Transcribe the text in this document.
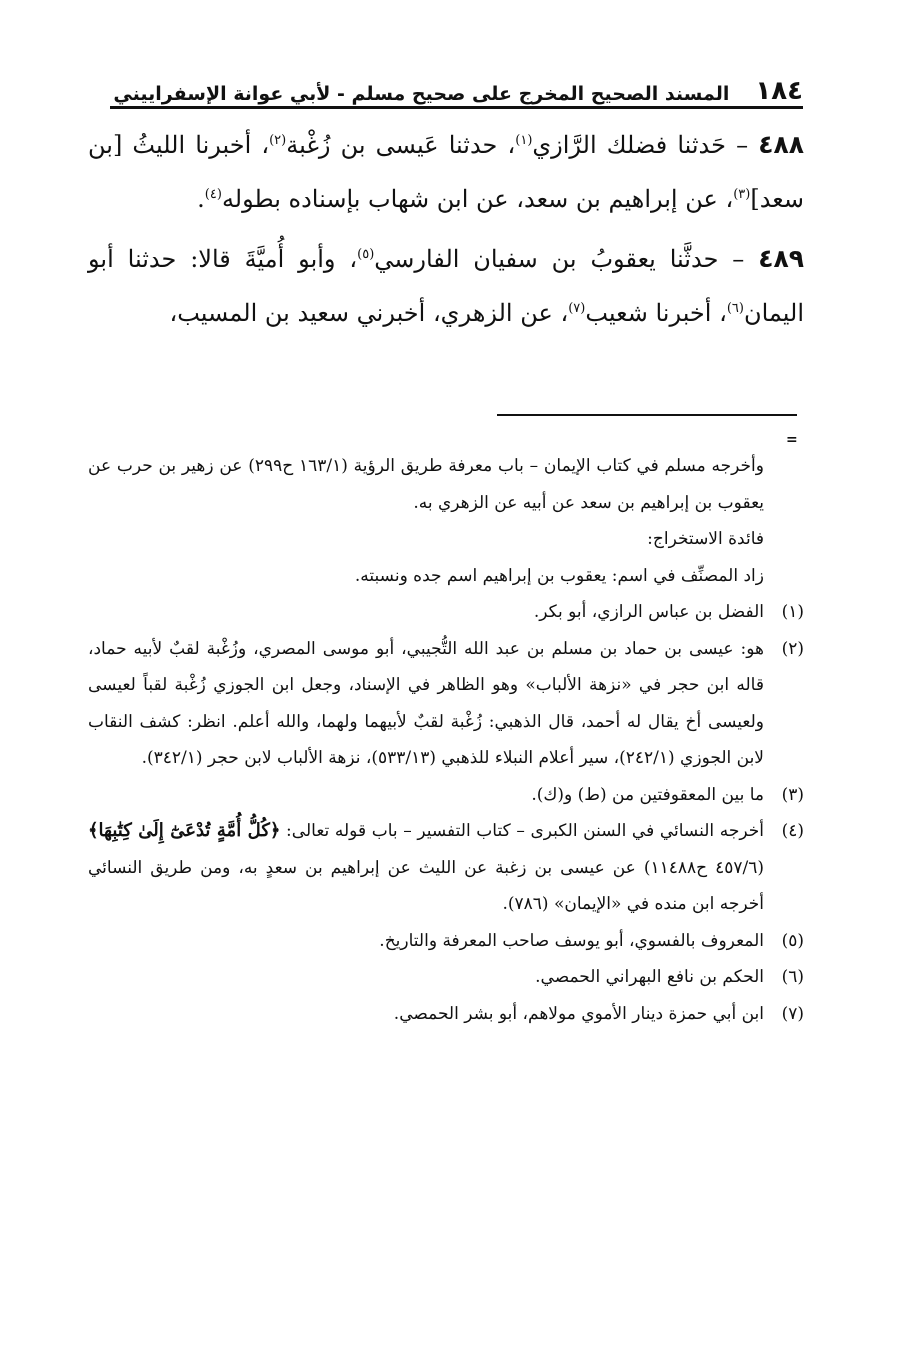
١٨٤
المسند الصحيح المخرج على صحيح مسلم - لأبي عوانة الإسفراييني

٤٨٨ – حَدثنا فضلك الرَّازي$^{(١)}$، حدثنا عَيسى بن زُغْبة$^{(٢)}$، أخبرنا الليثُ [بن سعد]$^{(٣)}$، عن إبراهيم بن سعد، عن ابن شهاب بإسناده بطوله$^{(٤)}$.

٤٨٩ – حدثَّنا يعقوبُ بن سفيان الفارسي$^{(٥)}$، وأبو أُميَّةَ قالا: حدثنا أبو اليمان$^{(٦)}$، أخبرنا شعيب$^{(٧)}$، عن الزهري، أخبرني سعيد بن المسيب،

=

وأخرجه مسلم في كتاب الإيمان – باب معرفة طريق الرؤية (١٦٣/١ ح٢٩٩) عن زهير بن حرب عن يعقوب بن إبراهيم بن سعد عن أبيه عن الزهري به.

فائدة الاستخراج:

زاد المصنِّف في اسم: يعقوب بن إبراهيم اسم جده ونسبته.

(١)الفضل بن عباس الرازي، أبو بكر.

(٢)هو: عيسى بن حماد بن مسلم بن عبد الله التُّجيبي، أبو موسى المصري، وزُغْبة لقبٌ لأبيه حماد، قاله ابن حجر في «نزهة الألباب» وهو الظاهر في الإسناد، وجعل ابن الجوزي زُغْبة لقباً لعيسى ولعيسى أخ يقال له أحمد، قال الذهبي: زُغْبة لقبٌ لأبيهما ولهما، والله أعلم. انظر: كشف النقاب لابن الجوزي (٢٤٢/١)، سير أعلام النبلاء للذهبي (٥٣٣/١٣)، نزهة الألباب لابن حجر (٣٤٢/١).

(٣)ما بين المعقوفتين من (ط) و(ك).

(٤)أخرجه النسائي في السنن الكبرى – كتاب التفسير – باب قوله تعالى: ﴿كُلُّ أُمَّةٍ تُدْعَىٰٓ إِلَىٰ كِتَٰبِهَا﴾(٤٥٧/٦ ح١١٤٨٨) عن عيسى بن زغبة عن الليث عن إبراهيم بن سعدٍ به، ومن طريق النسائي أخرجه ابن منده في «الإيمان» (٧٨٦).

(٥)المعروف بالفسوي، أبو يوسف صاحب المعرفة والتاريخ.

(٦)الحكم بن نافع البهراني الحمصي.

(٧)ابن أبي حمزة دينار الأموي مولاهم، أبو بشر الحمصي.
